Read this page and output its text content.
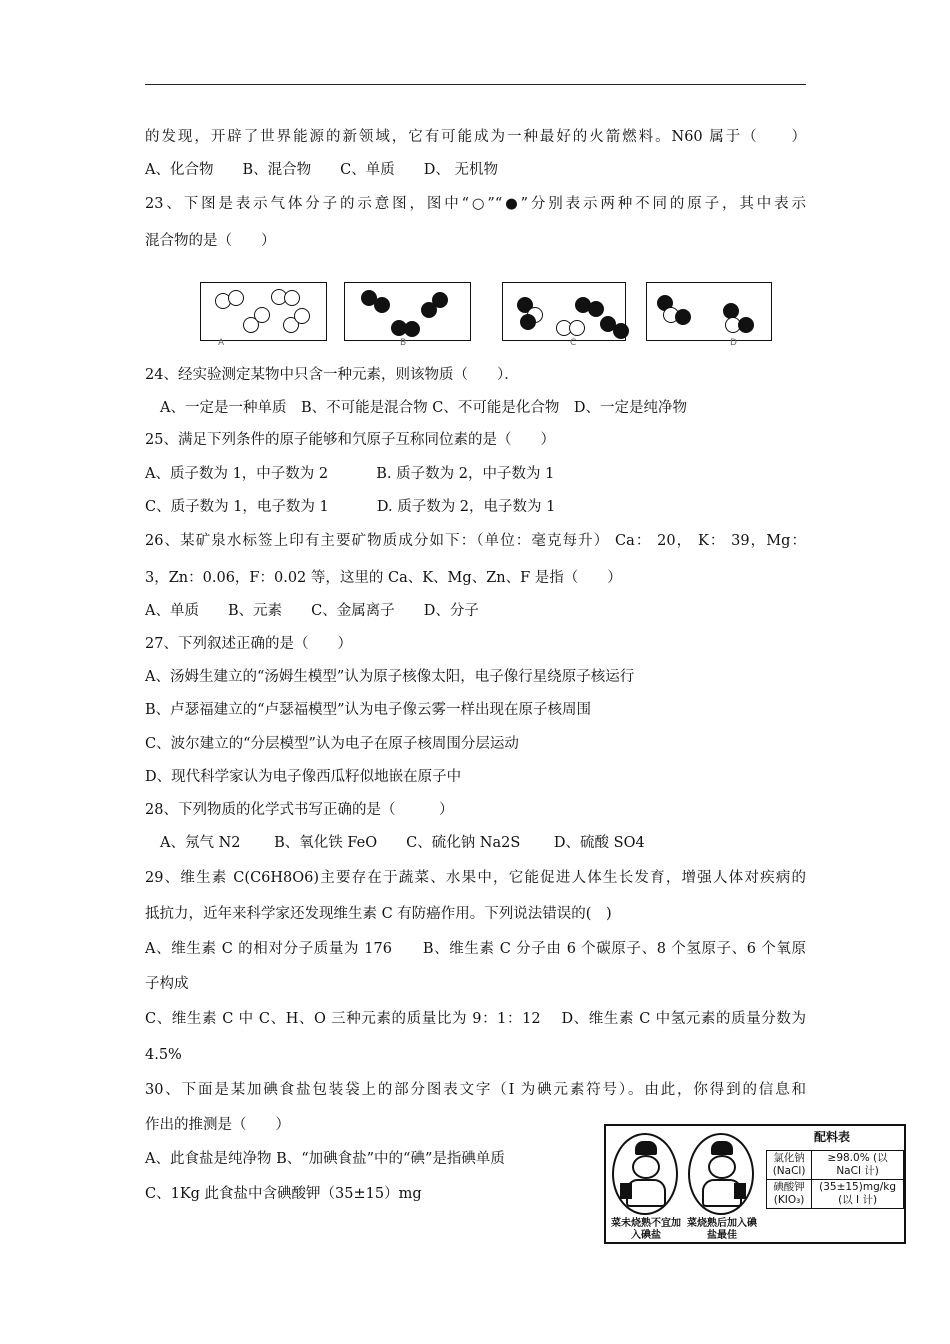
的发现，开辟了世界能源的新领域，它有可能成为一种最好的火箭燃料。N60 属于（　　）
A、化合物　　B、混合物　　C、单质　　D、 无机物
23、下图是表示气体分子的示意图，图中“○”“●”分别表示两种不同的原子，其中表示
混合物的是（　　）
A	B	C	D
24、经实验测定某物中只含一种元素，则该物质（　　）．
A、一定是一种单质　B、不可能是混合物 C、不可能是化合物　D、一定是纯净物
25、满足下列条件的原子能够和氕原子互称同位素的是（　　）
A、质子数为 1，中子数为 2　　　 B. 质子数为 2，中子数为 1
C、质子数为 1，电子数为 1　　　 D. 质子数为 2，电子数为 1
26、某矿泉水标签上印有主要矿物质成分如下：（单位：毫克每升） Ca： 20， K： 39，Mg：
3，Zn：0.06，F：0.02 等，这里的 Ca、K、Mg、Zn、F 是指（　　）
A、单质　　B、元素　　C、金属离子　　D、分子
27、下列叙述正确的是（　　）
A、汤姆生建立的“汤姆生模型”认为原子核像太阳，电子像行星绕原子核运行
B、卢瑟福建立的“卢瑟福模型”认为电子像云雾一样出现在原子核周围
C、波尔建立的“分层模型”认为电子在原子核周围分层运动
D、现代科学家认为电子像西瓜籽似地嵌在原子中
28、下列物质的化学式书写正确的是（　　　）
A、氖气 N2　　 B、氧化铁 FeO　　C、硫化钠 Na2S　　 D、硫酸 SO4
29、维生素 C(C6H8O6)主要存在于蔬菜、水果中，它能促进人体生长发育，增强人体对疾病的
抵抗力，近年来科学家还发现维生素 C 有防癌作用。下列说法错误的(　)
A、维生素 C 的相对分子质量为 176　　B、维生素 C 分子由 6 个碳原子、8 个氢原子、6 个氧原
子构成
C、维生素 C 中 C、H、O 三种元素的质量比为 9：1：12　 D、维生素 C 中氢元素的质量分数为
4.5%
30、下面是某加碘食盐包装袋上的部分图表文字（I 为碘元素符号）。由此，你得到的信息和
作出的推测是（　　）
A、此食盐是纯净物 B、“加碘食盐”中的“碘”是指碘单质
C、1Kg 此食盐中含碘酸钾（35±15）mg
菜未烧熟不宜加入碘盐
菜烧熟后加入碘盐最佳
配料表
氯化钠(NaCl)	≥98.0% (以 NaCl 计)
碘酸钾(KIO₃)	(35±15)mg/kg (以 I 计)
